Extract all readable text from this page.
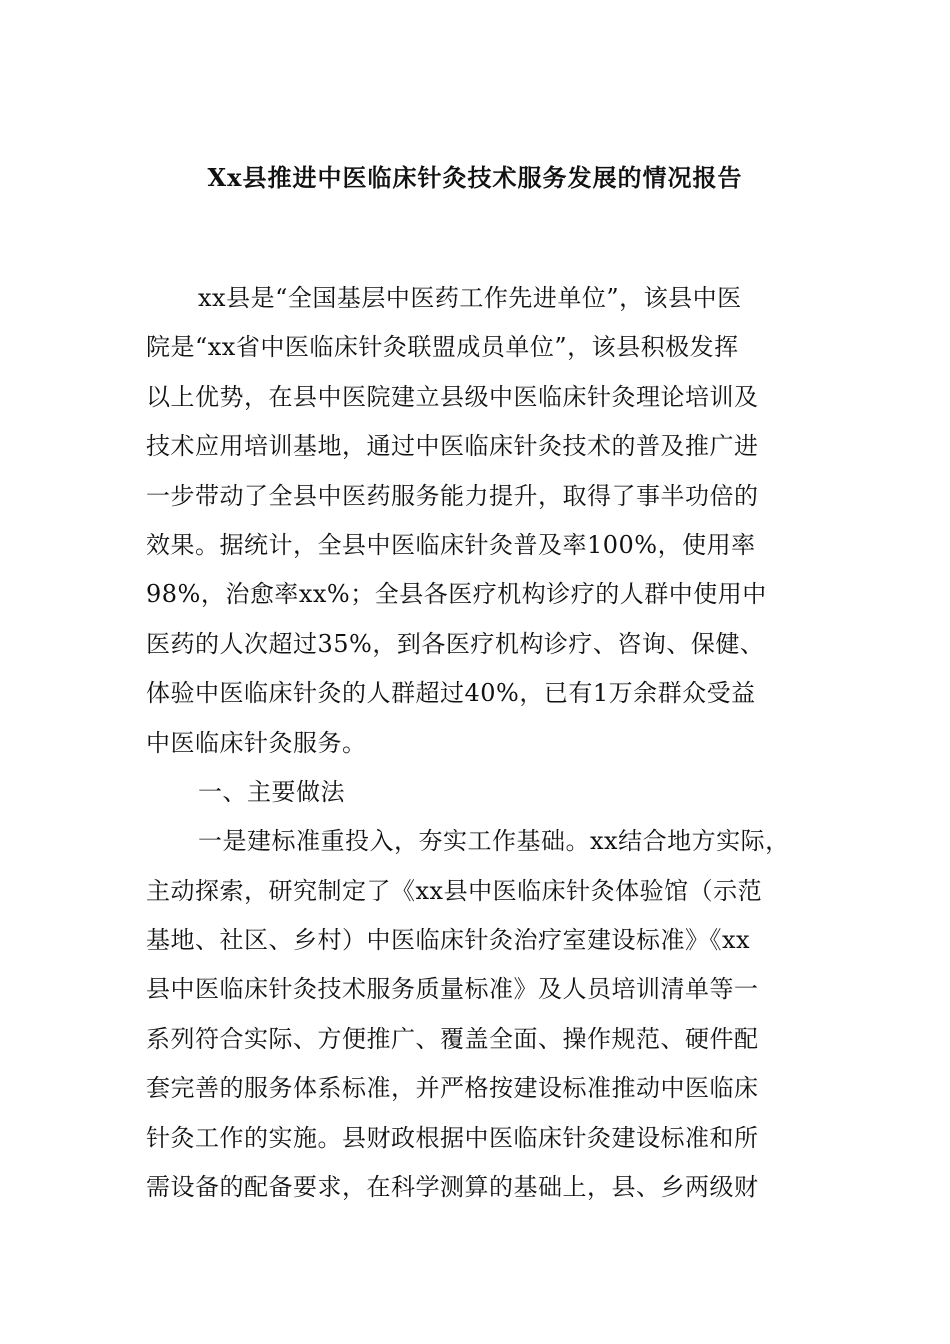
Xx县推进中医临床针灸技术服务发展的情况报告

xx县是“全国基层中医药工作先进单位”，该县中医

院是“xx省中医临床针灸联盟成员单位”，该县积极发挥

以上优势，在县中医院建立县级中医临床针灸理论培训及

技术应用培训基地，通过中医临床针灸技术的普及推广进

一步带动了全县中医药服务能力提升，取得了事半功倍的

效果。据统计，全县中医临床针灸普及率100%，使用率

98%，治愈率xx%；全县各医疗机构诊疗的人群中使用中

医药的人次超过35%，到各医疗机构诊疗、咨询、保健、

体验中医临床针灸的人群超过40%，已有1万余群众受益

中医临床针灸服务。

一、主要做法

一是建标准重投入，夯实工作基础。xx结合地方实际，

主动探索，研究制定了《xx县中医临床针灸体验馆（示范

基地、社区、乡村）中医临床针灸治疗室建设标准》《xx

县中医临床针灸技术服务质量标准》及人员培训清单等一

系列符合实际、方便推广、覆盖全面、操作规范、硬件配

套完善的服务体系标准，并严格按建设标准推动中医临床

针灸工作的实施。县财政根据中医临床针灸建设标准和所

需设备的配备要求，在科学测算的基础上，县、乡两级财
